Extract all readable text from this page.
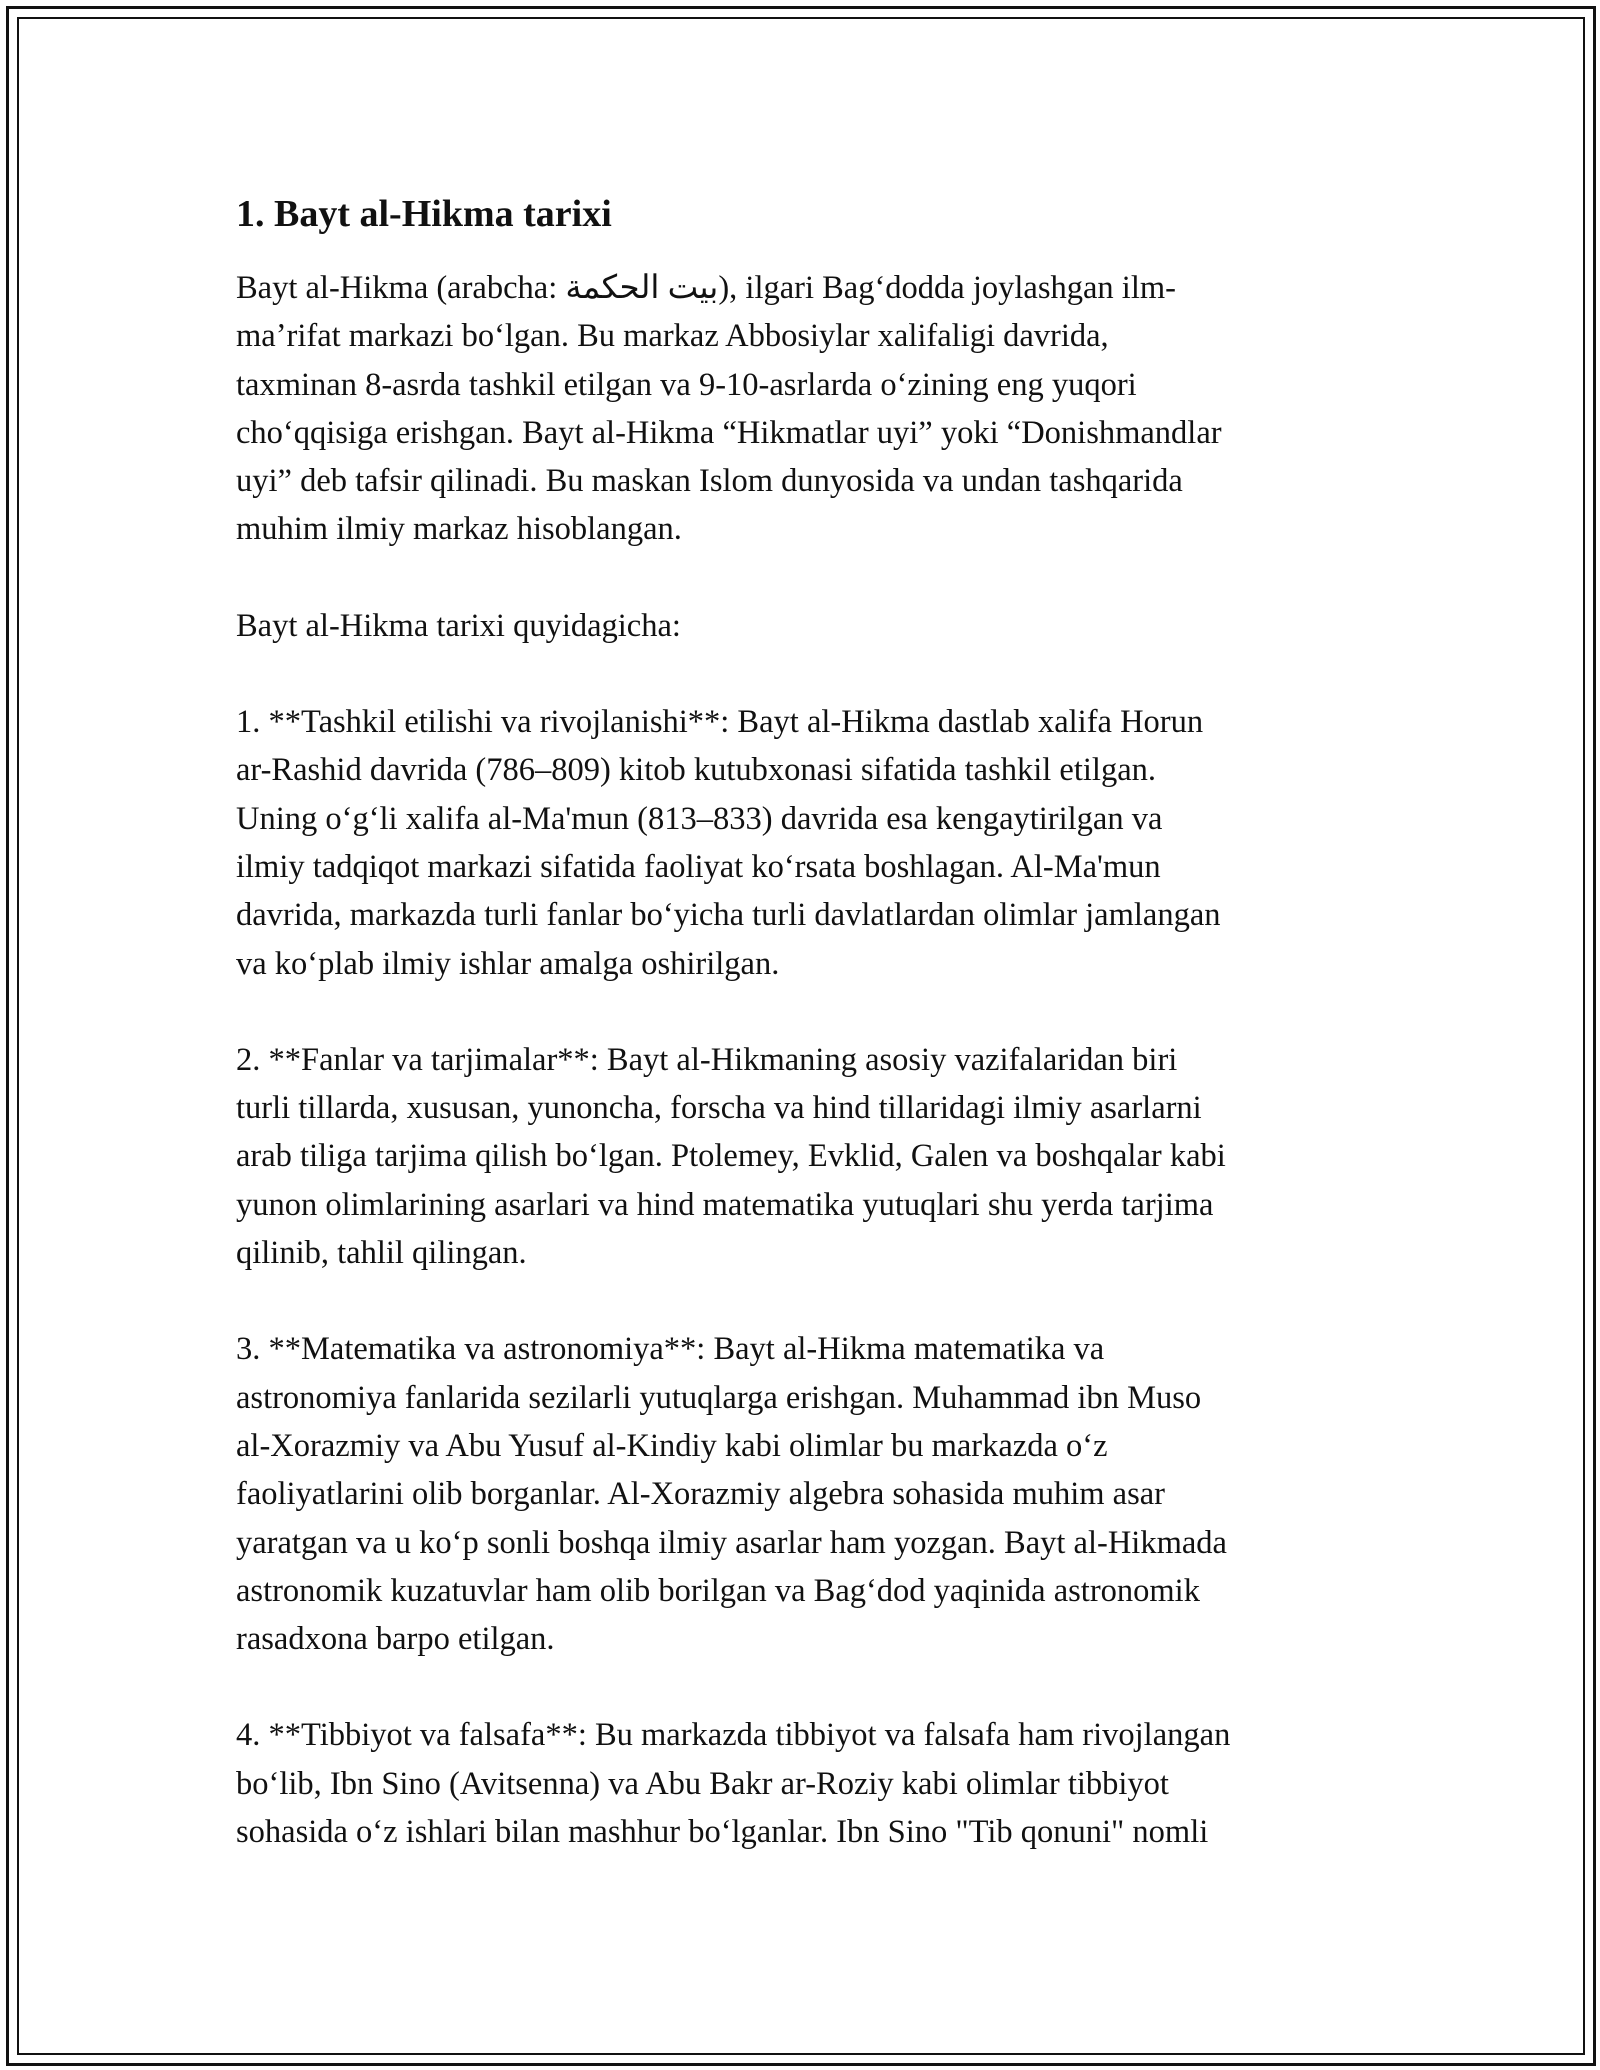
1. Bayt al-Hikma tarixi
Bayt al-Hikma (arabcha: بيت الحكمة), ilgari Bagʻdodda joylashgan ilm-
maʼrifat markazi boʻlgan. Bu markaz Abbosiylar xalifaligi davrida,
taxminan 8-asrda tashkil etilgan va 9-10-asrlarda oʻzining eng yuqori
choʻqqisiga erishgan. Bayt al-Hikma “Hikmatlar uyi” yoki “Donishmandlar
uyi” deb tafsir qilinadi. Bu maskan Islom dunyosida va undan tashqarida
muhim ilmiy markaz hisoblangan.
Bayt al-Hikma tarixi quyidagicha:
1. **Tashkil etilishi va rivojlanishi**: Bayt al-Hikma dastlab xalifa Horun
ar-Rashid davrida (786–809) kitob kutubxonasi sifatida tashkil etilgan.
Uning oʻgʻli xalifa al-Ma'mun (813–833) davrida esa kengaytirilgan va
ilmiy tadqiqot markazi sifatida faoliyat koʻrsata boshlagan. Al-Ma'mun
davrida, markazda turli fanlar boʻyicha turli davlatlardan olimlar jamlangan
va koʻplab ilmiy ishlar amalga oshirilgan.
2. **Fanlar va tarjimalar**: Bayt al-Hikmaning asosiy vazifalaridan biri
turli tillarda, xususan, yunoncha, forscha va hind tillaridagi ilmiy asarlarni
arab tiliga tarjima qilish boʻlgan. Ptolemey, Evklid, Galen va boshqalar kabi
yunon olimlarining asarlari va hind matematika yutuqlari shu yerda tarjima
qilinib, tahlil qilingan.
3. **Matematika va astronomiya**: Bayt al-Hikma matematika va
astronomiya fanlarida sezilarli yutuqlarga erishgan. Muhammad ibn Muso
al-Xorazmiy va Abu Yusuf al-Kindiy kabi olimlar bu markazda oʻz
faoliyatlarini olib borganlar. Al-Xorazmiy algebra sohasida muhim asar
yaratgan va u koʻp sonli boshqa ilmiy asarlar ham yozgan. Bayt al-Hikmada
astronomik kuzatuvlar ham olib borilgan va Bagʻdod yaqinida astronomik
rasadxona barpo etilgan.
4. **Tibbiyot va falsafa**: Bu markazda tibbiyot va falsafa ham rivojlangan
boʻlib, Ibn Sino (Avitsenna) va Abu Bakr ar-Roziy kabi olimlar tibbiyot
sohasida oʻz ishlari bilan mashhur boʻlganlar. Ibn Sino "Tib qonuni" nomli
